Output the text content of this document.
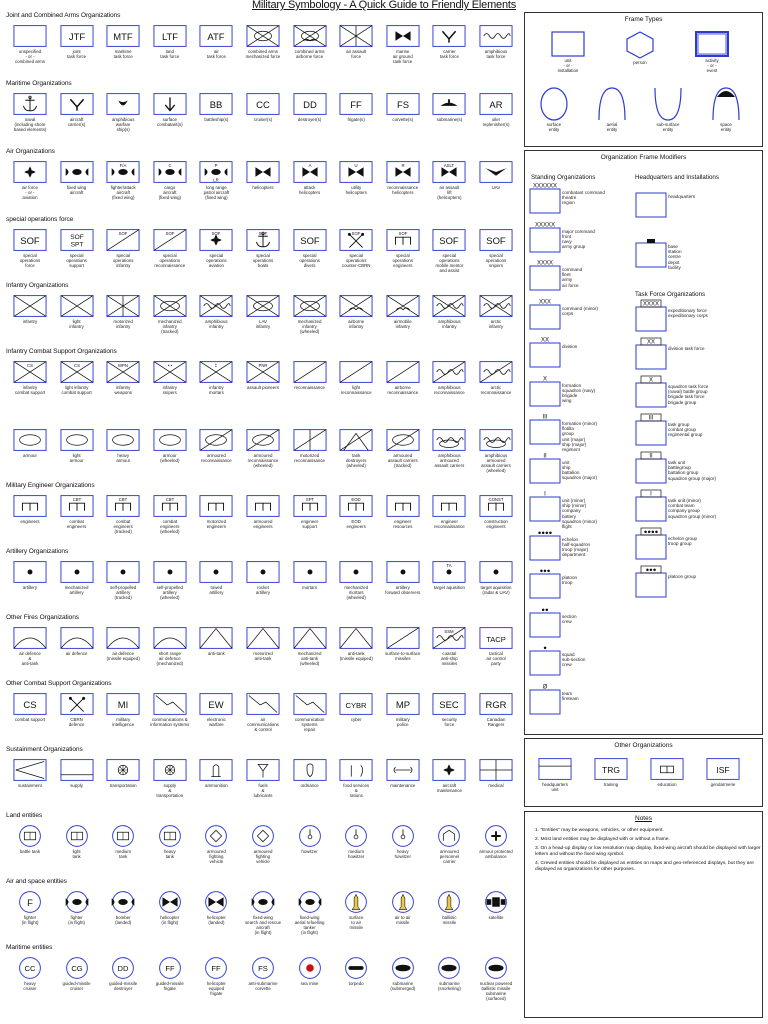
Military Symbology - A Quick Guide to Friendly Elements
Joint and Combined Arms Organizations
unspecified
- or -
combined arms
JTF
joint
task force
MTF
maritime
task force
LTF
land
task force
ATF
air
task force
combined arms
mechanized force
combined arms
airborne force
air assault
force
marine
air ground
task force
carrier
task force
amphibious
task force
Maritime Organizations
naval
(including shore
based elements)
aircraft
carrier(s)
amphibious
warfare
ship(s)
surface
combatant(s)
BB
battleship(s)
CC
cruiser(s)
DD
destroyer(s)
FF
frigate(s)
FS
corvette(s)	submarine(s)
AR
oiler
replenisher(s)
Air Organizations
air force
- or -
aviation
fixed wing
aircraft
F/A
fighter/attack
aircraft
(fixed wing)
C
cargo
aircraft
(fixed wing)
P
LR
long range
patrol aircraft
(fixed wing)
helicopters
A
attack
helicopters
U
utility
helicopters
R
reconnaissance
helicopters
ASLT
air assault
lift
(helicopters)
UAV
special operations force
SOF
special
operations
force
SOF
SPT
special
operations
support
SOF
special
operations
infantry
SOF
special
operations
reconnaissance
SOF
special
operations
aviation
SOF
special
operations
boats
SOF
special
operations
divers
SOF
special
operations
counter-CBRN
SOF
special
operations
engineers
SOF
special
operations
mobile mentor
and assist
SOF
special
operations
snipers
Infantry Organizations
infantry	light
infantry
motorized
infantry
mechanized
infantry
(tracked)
amphibious
infantry
LAV
infantry
mechanized
infantry
(wheeled)
airborne
infantry
airmobile
infantry
amphibious
infantry
arctic
infantry
Infantry Combat Support Organizations
CS
infantry
combat support
CS
light infantry
combat support
WPN
infantry
weapons
•.•
infantry
snipers
‡
infantry
mortars
PNR
assault pioneers	reconnaissance	light
reconnaissance
airborne
reconnaissance
amphibious
reconnaissance
arctic
reconnaissance
armour	light
armour
heavy
armour
armour
(wheeled)
armoured
reconnaissance
armoured
reconnaissance
(wheeled)
motorized
reconnaissance
tank
destroyers
(wheeled)
armoured
assault carriers
(tracked)
amphibious
armoured
assault carriers
amphibious
armoured
assault carriers
(wheeled)
Military Engineer Organizations
engineers
CBT
combat
engineers
CBT
combat
engineers
(tracked)
CBT
combat
engineers
(wheeled)
motorized
engineers
armoured
engineers
SPT
engineer
support
EOD
EOD
engineers
engineer
resources
engineer
reconnaissance
CONST
construction
engineers
Artillery Organizations
artillery	mechanized
artillery
self-propelled
artillery
(tracked)
self-propelled
artillery
(wheeled)
towed
artillery
rocket
artillery
mortars	mechanized
mortars
(wheeled)
artillery
forward observers
TA
target aquisition	target aquisition
(radar & UAV)
Other Fires Organizations
air defence
&
anti-tank
air defence	air defence
(missile equiped)
short range
air defence
(mechanized)
anti-tank	motorized
anti-tank
mechanized
anti-tank
(wheeled)
anti-tank
(missile equiped)
surface-to-surface
missiles
SSM
coastal
anti-ship
missiles
TACP
tactical
air control
party
Other Combat Support Organizations
CS
combat support	CBRN
defence
MI
military
intelligence
communications &
information systems
EW
electronic
warfare
air
communications
& control
communication
systems
repair
CYBR
cyber
MP
military
police
SEC
security
force
RGR
Canadian
Rangers
Sustainment Organizations
sustainment	supply	transportation	supply
&
transportation
ammunition	fuels
&
lubricants
ordnance	food services
&
rations
maintenance	aircraft
maintenance
medical
Land entities
battle tank	light
tank
medium
tank
heavy
tank
armoured
fighting
vehicle
armoured
fighting
vehicle
howitzer	medium
howitzer
heavy
howitzer
armoured
personnel
carrier
armour protected
ambulance
Air and space entities
F
fighter
(in flight)
fighter
(in flight)
bomber
(landed)
helicopter
(in flight)
helicopter
(landed)
fixed-wing
search and rescue
aircraft
(in flight)
fixed-wing
aerial refuelling
tanker
(in flight)
surface
to air
missile
air to air
missile
ballistic
missile
satellite
Maritime entities
CC
heavy
cruiser
CG
guided-missile
cruiser
DD
guided-missile
destroyer
FF
guided-missile
frigate
FF
helicopter
equiped
frigate
FS
anti-submarine
corvette
sea mine	torpedo	submarine
(submerged)
submarine
(snorkeling)
nuclear powered
ballistic missile
submarine
(surfaced)
Frame Types
unit
- or -
installation
person	activity
- or -
event
surface
entity
aerial
entity
sub-surface
entity
space
entity
Organization Frame Modifiers
Standing Organizations	Headquarters and Installations
Task Force Organizations
XXXXXX
combatant command
theatre
region
XXXXX
major command
front
navy
army group
XXXX
command
fleet
army
air force
XXX
command (minor)
corps
XX
division
X
formation
squadron (navy)
brigade
wing
III
formation (minor)
flotilla
group
unit (major)
ship (major)
regiment
II
unit
ship
battalion
squadron (major)
I
unit (minor)
ship (minor)
company
battery
squadron (minor)
flight
●●●●
echelon
half-squadron
troop (major)
department
●●●
platoon
troop
●●
section
crew
●
squad
sub-section
crew
Ø
team
fireteam
headquarters
base
station
centre
depot
facility
XXXX
expeditionary force
expeditionary corps
XX
division task force
X
squadron task force
(naval) battle group
brigade task force
brigade group
III
task group
combat group
regimental group
II
task unit
battlegroup
battalion group
squadron group (major)
I
task unit (minor)
combat team
company group
squadron group (minor)
●●●●
echelon group
troop group
●●●
platoon group
Other Organizations
headquarters
unit
TRG
training	education
ISF
gendarmerie
Notes
1. "Entities" may be weapons, vehicles, or other equipment.
2. Most land entities may be displayed with or without a frame.
3. On a head-up display or low resolution map display, fixed-wing aircraft should be displayed with larger letters and without the fixed wing symbol.
4. Crewed entities should be displayed as entities on maps and geo-referenced displays, but they are displayed as organizations for other purposes.
